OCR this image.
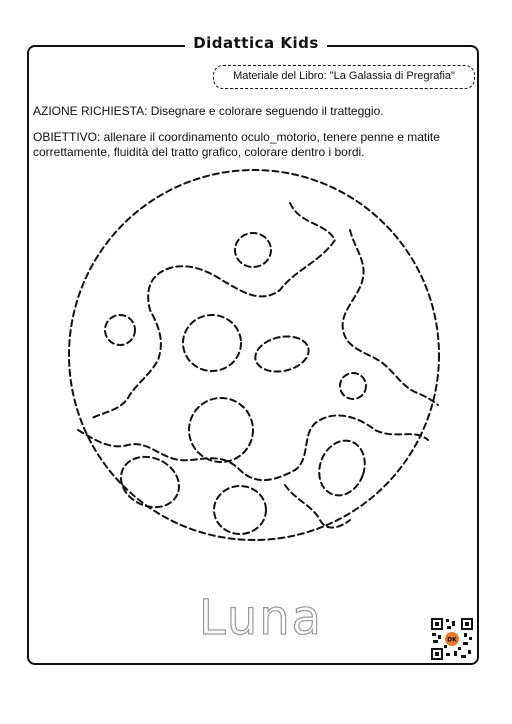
Didattica Kids
Materiale del Libro: "La Galassia di Pregrafia"
AZIONE RICHIESTA: Disegnare e colorare seguendo il tratteggio.
OBIETTIVO: allenare il coordinamento oculo_motorio, tenere penne e matite correttamente, fluidità del tratto grafico, colorare dentro i bordi.
Luna	DK
